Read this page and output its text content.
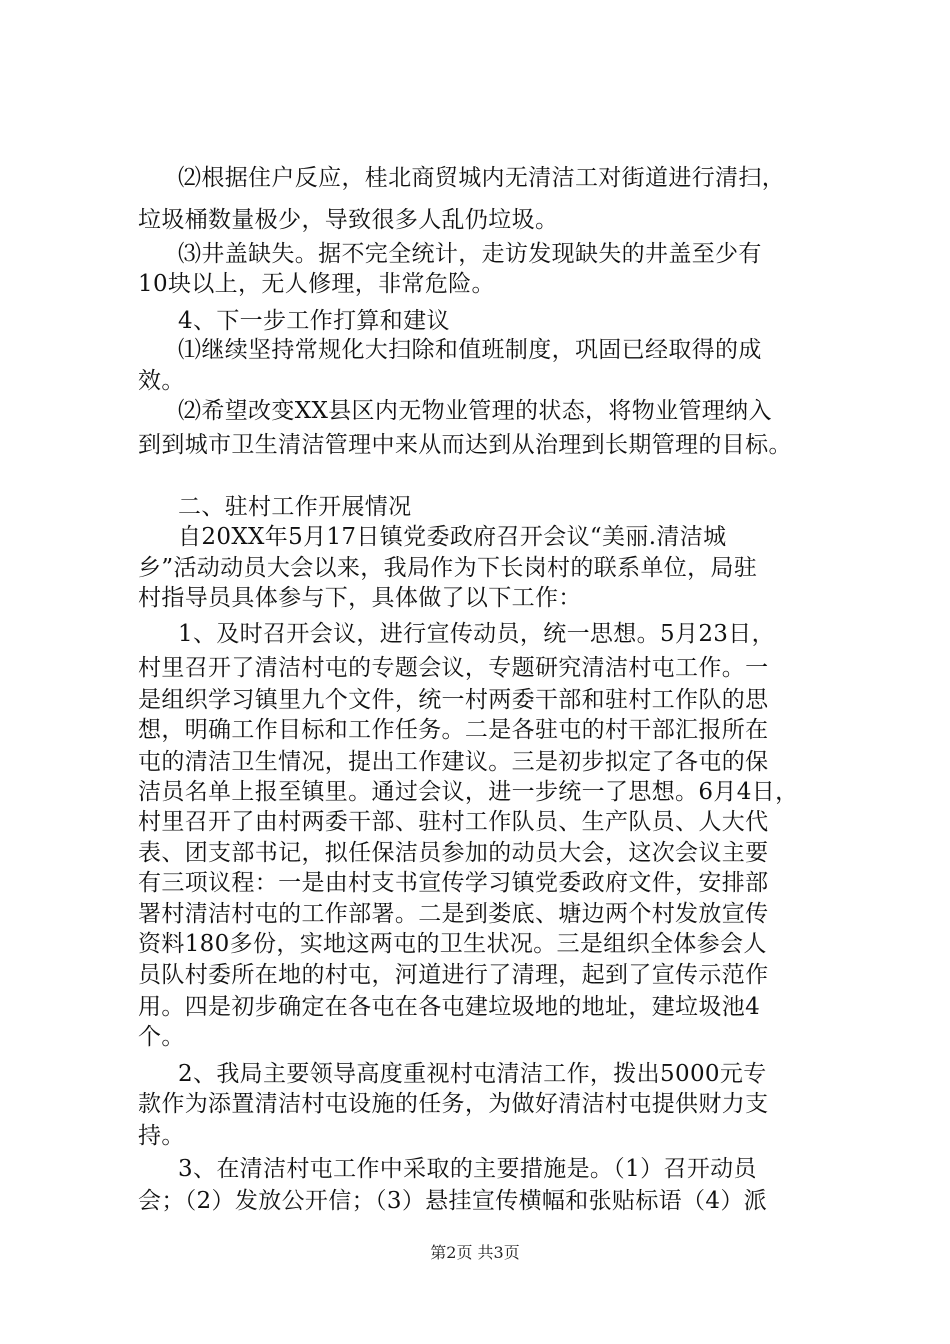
⑵根据住户反应，桂北商贸城内无清洁工对街道进行清扫，
垃圾桶数量极少，导致很多人乱仍垃圾。
⑶井盖缺失。据不完全统计，走访发现缺失的井盖至少有
10块以上，无人修理，非常危险。
4、下一步工作打算和建议
⑴继续坚持常规化大扫除和值班制度，巩固已经取得的成
效。
⑵希望改变XX县区内无物业管理的状态，将物业管理纳入
到到城市卫生清洁管理中来从而达到从治理到长期管理的目标。
二、驻村工作开展情况
自20XX年5月17日镇党委政府召开会议“美丽.清洁城
乡”活动动员大会以来，我局作为下长岗村的联系单位，局驻
村指导员具体参与下，具体做了以下工作：
1、及时召开会议，进行宣传动员，统一思想。5月23日，
村里召开了清洁村屯的专题会议，专题研究清洁村屯工作。一
是组织学习镇里九个文件，统一村两委干部和驻村工作队的思
想，明确工作目标和工作任务。二是各驻屯的村干部汇报所在
屯的清洁卫生情况，提出工作建议。三是初步拟定了各屯的保
洁员名单上报至镇里。通过会议，进一步统一了思想。6月4日，
村里召开了由村两委干部、驻村工作队员、生产队员、人大代
表、团支部书记，拟任保洁员参加的动员大会，这次会议主要
有三项议程：一是由村支书宣传学习镇党委政府文件，安排部
署村清洁村屯的工作部署。二是到娄底、塘边两个村发放宣传
资料180多份，实地这两屯的卫生状况。三是组织全体参会人
员队村委所在地的村屯，河道进行了清理，起到了宣传示范作
用。四是初步确定在各屯在各屯建垃圾地的地址，建垃圾池4
个。
2、我局主要领导高度重视村屯清洁工作，拨出5000元专
款作为添置清洁村屯设施的任务，为做好清洁村屯提供财力支
持。
3、在清洁村屯工作中采取的主要措施是。（1）召开动员
会；（2）发放公开信；（3）悬挂宣传横幅和张贴标语（4）派
第2页 共3页
